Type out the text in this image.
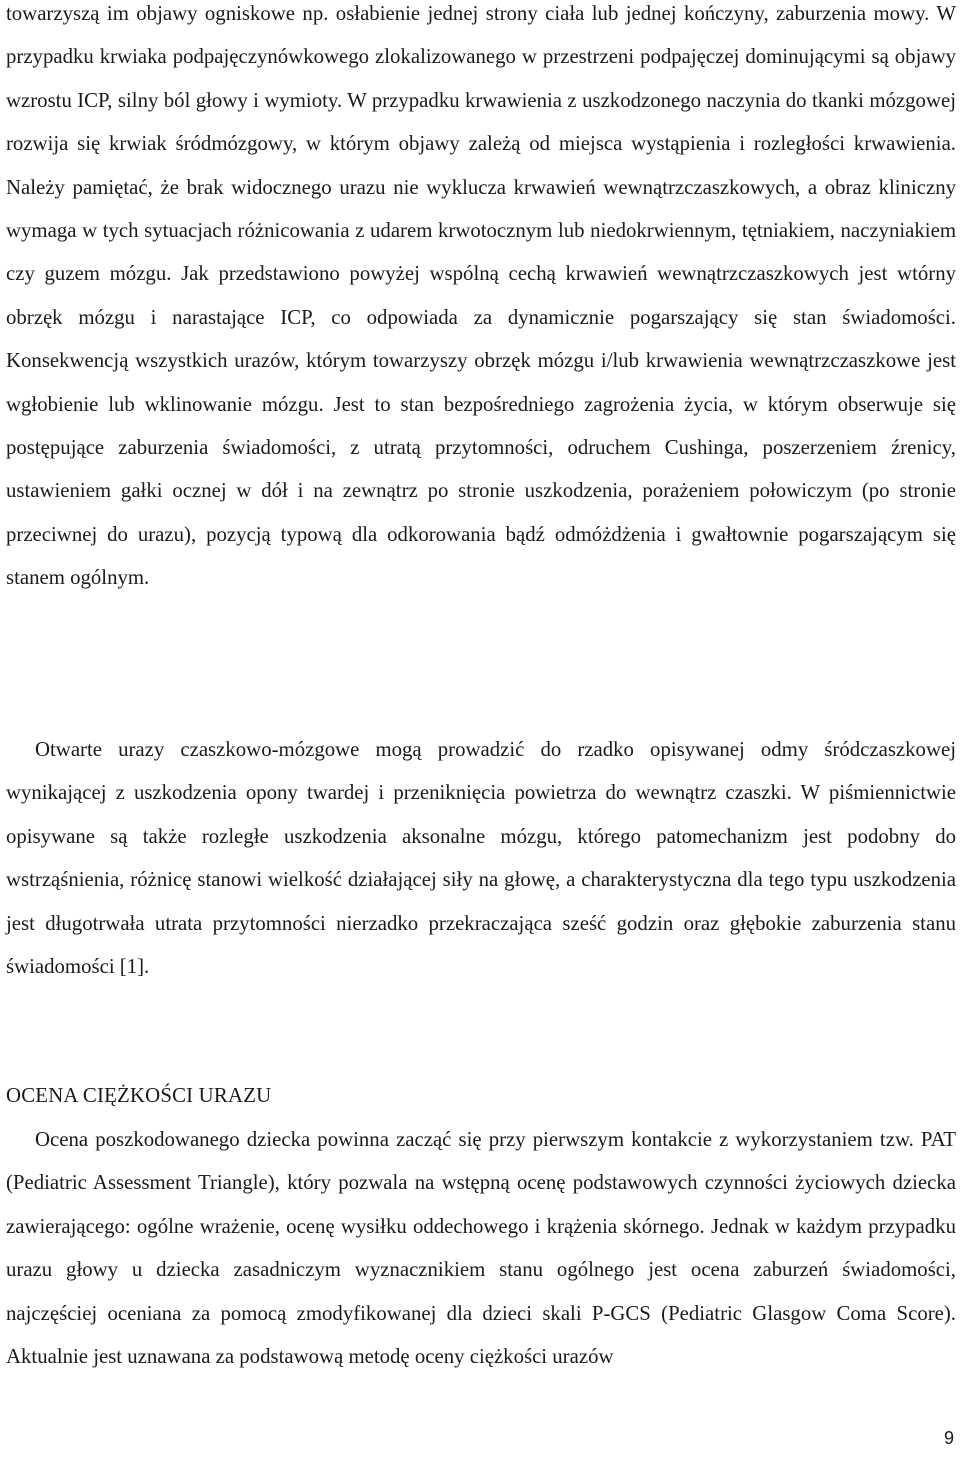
towarzyszą im objawy ogniskowe np. osłabienie jednej strony ciała lub jednej kończyny, zaburzenia mowy. W przypadku krwiaka podpajęczynówkowego zlokalizowanego w przestrzeni podpajęczej dominującymi są objawy wzrostu ICP, silny ból głowy i wymioty. W przypadku krwawienia z uszkodzonego naczynia do tkanki mózgowej rozwija się krwiak śródmózgowy, w którym objawy zależą od miejsca wystąpienia i rozległości krwawienia. Należy pamiętać, że brak widocznego urazu nie wyklucza krwawień wewnątrzczaszkowych, a obraz kliniczny wymaga w tych sytuacjach różnicowania z udarem krwotocznym lub niedokrwiennym, tętniakiem, naczyniakiem czy guzem mózgu. Jak przedstawiono powyżej wspólną cechą krwawień wewnątrzczaszkowych jest wtórny obrzęk mózgu i narastające ICP, co odpowiada za dynamicznie pogarszający się stan świadomości. Konsekwencją wszystkich urazów, którym towarzyszy obrzęk mózgu i/lub krwawienia wewnątrzczaszkowe jest wgłobienie lub wklinowanie mózgu. Jest to stan bezpośredniego zagrożenia życia, w którym obserwuje się postępujące zaburzenia świadomości, z utratą przytomności, odruchem Cushinga, poszerzeniem źrenicy, ustawieniem gałki ocznej w dół i na zewnątrz po stronie uszkodzenia, porażeniem połowiczym (po stronie przeciwnej do urazu), pozycją typową dla odkorowania bądź odmóżdżenia i gwałtownie pogarszającym się stanem ogólnym.

Otwarte urazy czaszkowo-mózgowe mogą prowadzić do rzadko opisywanej odmy śródczaszkowej wynikającej z uszkodzenia opony twardej i przeniknięcia powietrza do wewnątrz czaszki. W piśmiennictwie opisywane są także rozległe uszkodzenia aksonalne mózgu, którego patomechanizm jest podobny do wstrząśnienia, różnicę stanowi wielkość działającej siły na głowę, a charakterystyczna dla tego typu uszkodzenia jest długotrwała utrata przytomności nierzadko przekraczająca sześć godzin oraz głębokie zaburzenia stanu świadomości [1].

OCENA CIĘŻKOŚCI URAZU

Ocena poszkodowanego dziecka powinna zacząć się przy pierwszym kontakcie z wykorzystaniem tzw. PAT (Pediatric Assessment Triangle), który pozwala na wstępną ocenę podstawowych czynności życiowych dziecka zawierającego: ogólne wrażenie, ocenę wysiłku oddechowego i krążenia skórnego. Jednak w każdym przypadku urazu głowy u dziecka zasadniczym wyznacznikiem stanu ogólnego jest ocena zaburzeń świadomości, najczęściej oceniana za pomocą zmodyfikowanej dla dzieci skali P-GCS (Pediatric Glasgow Coma Score). Aktualnie jest uznawana za podstawową metodę oceny ciężkości urazów

9
